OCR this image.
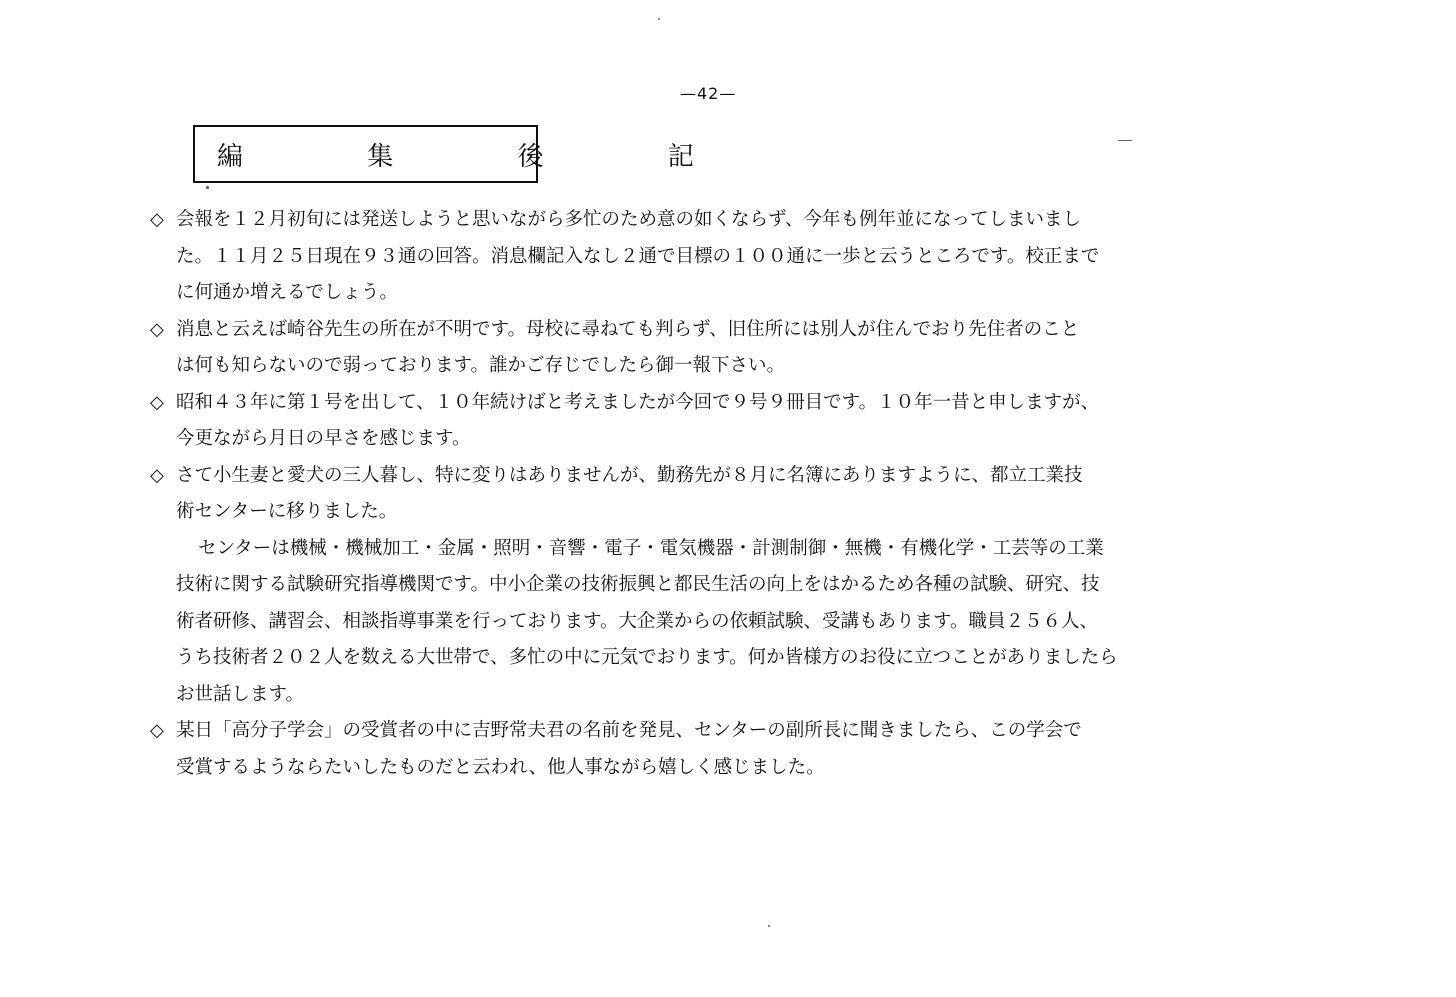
—42—
編 集 後 記
◇ 会報を１２月初旬には発送しようと思いながら多忙のため意の如くならず、今年も例年並になってしまいまし
た。１１月２５日現在９３通の回答。消息欄記入なし２通で目標の１００通に一歩と云うところです。校正まで
に何通か増えるでしょう。
◇ 消息と云えば崎谷先生の所在が不明です。母校に尋ねても判らず、旧住所には別人が住んでおり先住者のこと
は何も知らないので弱っております。誰かご存じでしたら御一報下さい。
◇ 昭和４３年に第１号を出して、１０年続けばと考えましたが今回で９号９冊目です。１０年一昔と申しますが、
今更ながら月日の早さを感じます。
◇ さて小生妻と愛犬の三人暮し、特に変りはありませんが、勤務先が８月に名簿にありますように、都立工業技
術センターに移りました。
センターは機械・機械加工・金属・照明・音響・電子・電気機器・計測制御・無機・有機化学・工芸等の工業
技術に関する試験研究指導機関です。中小企業の技術振興と都民生活の向上をはかるため各種の試験、研究、技
術者研修、講習会、相談指導事業を行っております。大企業からの依頼試験、受講もあります。職員２５６人、
うち技術者２０２人を数える大世帯で、多忙の中に元気でおります。何か皆様方のお役に立つことがありましたら
お世話します。
◇ 某日「高分子学会」の受賞者の中に吉野常夫君の名前を発見、センターの副所長に聞きましたら、この学会で
受賞するようならたいしたものだと云われ、他人事ながら嬉しく感じました。
